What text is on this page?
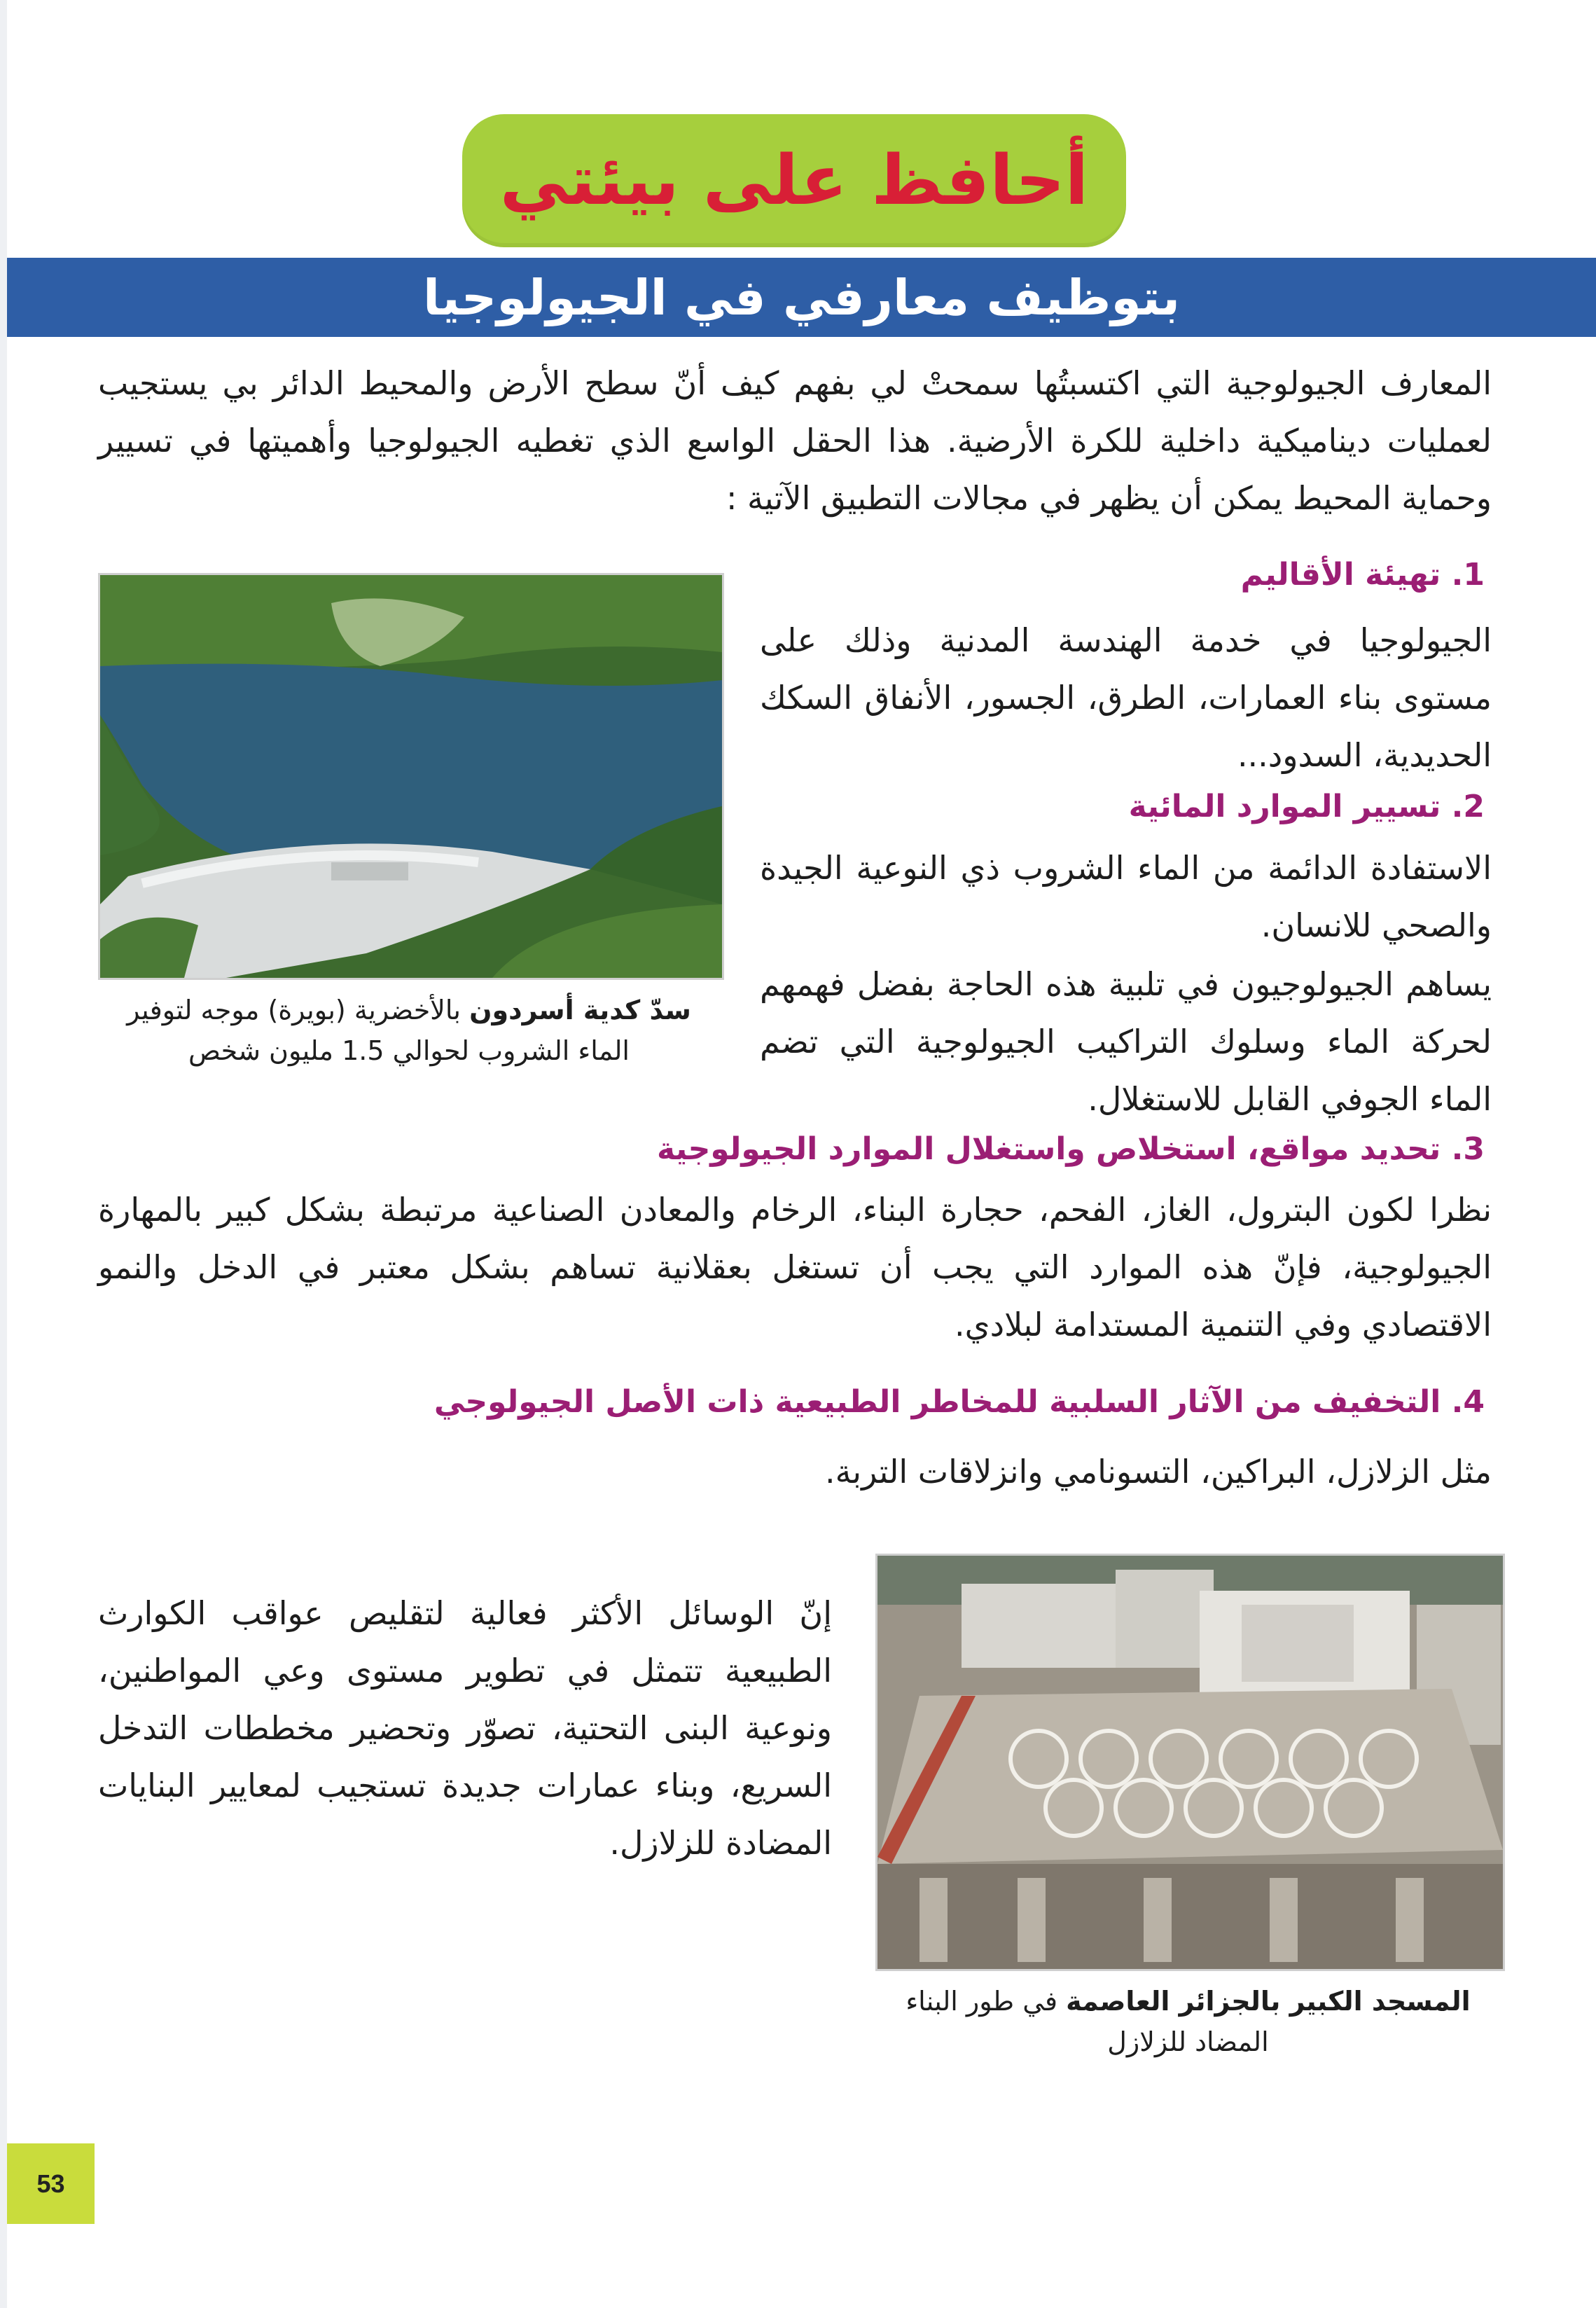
أحافظ على بيئتي
بتوظيف معارفي في الجيولوجيا

المعارف الجيولوجية التي اكتسبتُها سمحتْ لي بفهم كيف أنّ سطح الأرض والمحيط الدائر بي يستجيب لعمليات ديناميكية داخلية للكرة الأرضية. هذا الحقل الواسع الذي تغطيه الجيولوجيا وأهميتها في تسيير وحماية المحيط يمكن أن يظهر في مجالات التطبيق الآتية :

سدّ كدية أسردون بالأخضرية (بويرة) موجه لتوفير الماء الشروب لحوالي 1.5 مليون شخص

1. تهيئة الأقاليم

الجيولوجيا في خدمة الهندسة المدنية وذلك على مستوى بناء العمارات، الطرق، الجسور، الأنفاق السكك الحديدية، السدود...

2. تسيير الموارد المائية

الاستفادة الدائمة من الماء الشروب ذي النوعية الجيدة والصحي للانسان.

يساهم الجيولوجيون في تلبية هذه الحاجة بفضل فهمهم لحركة الماء وسلوك التراكيب الجيولوجية التي تضم الماء الجوفي القابل للاستغلال.

3. تحديد مواقع، استخلاص واستغلال الموارد الجيولوجية

نظرا لكون البترول، الغاز، الفحم، حجارة البناء، الرخام والمعادن الصناعية مرتبطة بشكل كبير بالمهارة الجيولوجية، فإنّ هذه الموارد التي يجب أن تستغل بعقلانية تساهم بشكل معتبر في الدخل والنمو الاقتصادي وفي التنمية المستدامة لبلادي.

4. التخفيف من الآثار السلبية للمخاطر الطبيعية ذات الأصل الجيولوجي

مثل الزلازل، البراكين، التسونامي وانزلاقات التربة.

المسجد الكبير بالجزائر العاصمة في طور البناء المضاد للزلازل

إنّ الوسائل الأكثر فعالية لتقليص عواقب الكوارث الطبيعية تتمثل في تطوير مستوى وعي المواطنين، ونوعية البنى التحتية، تصوّر وتحضير مخططات التدخل السريع، وبناء عمارات جديدة تستجيب لمعايير البنايات المضادة للزلازل.

53
